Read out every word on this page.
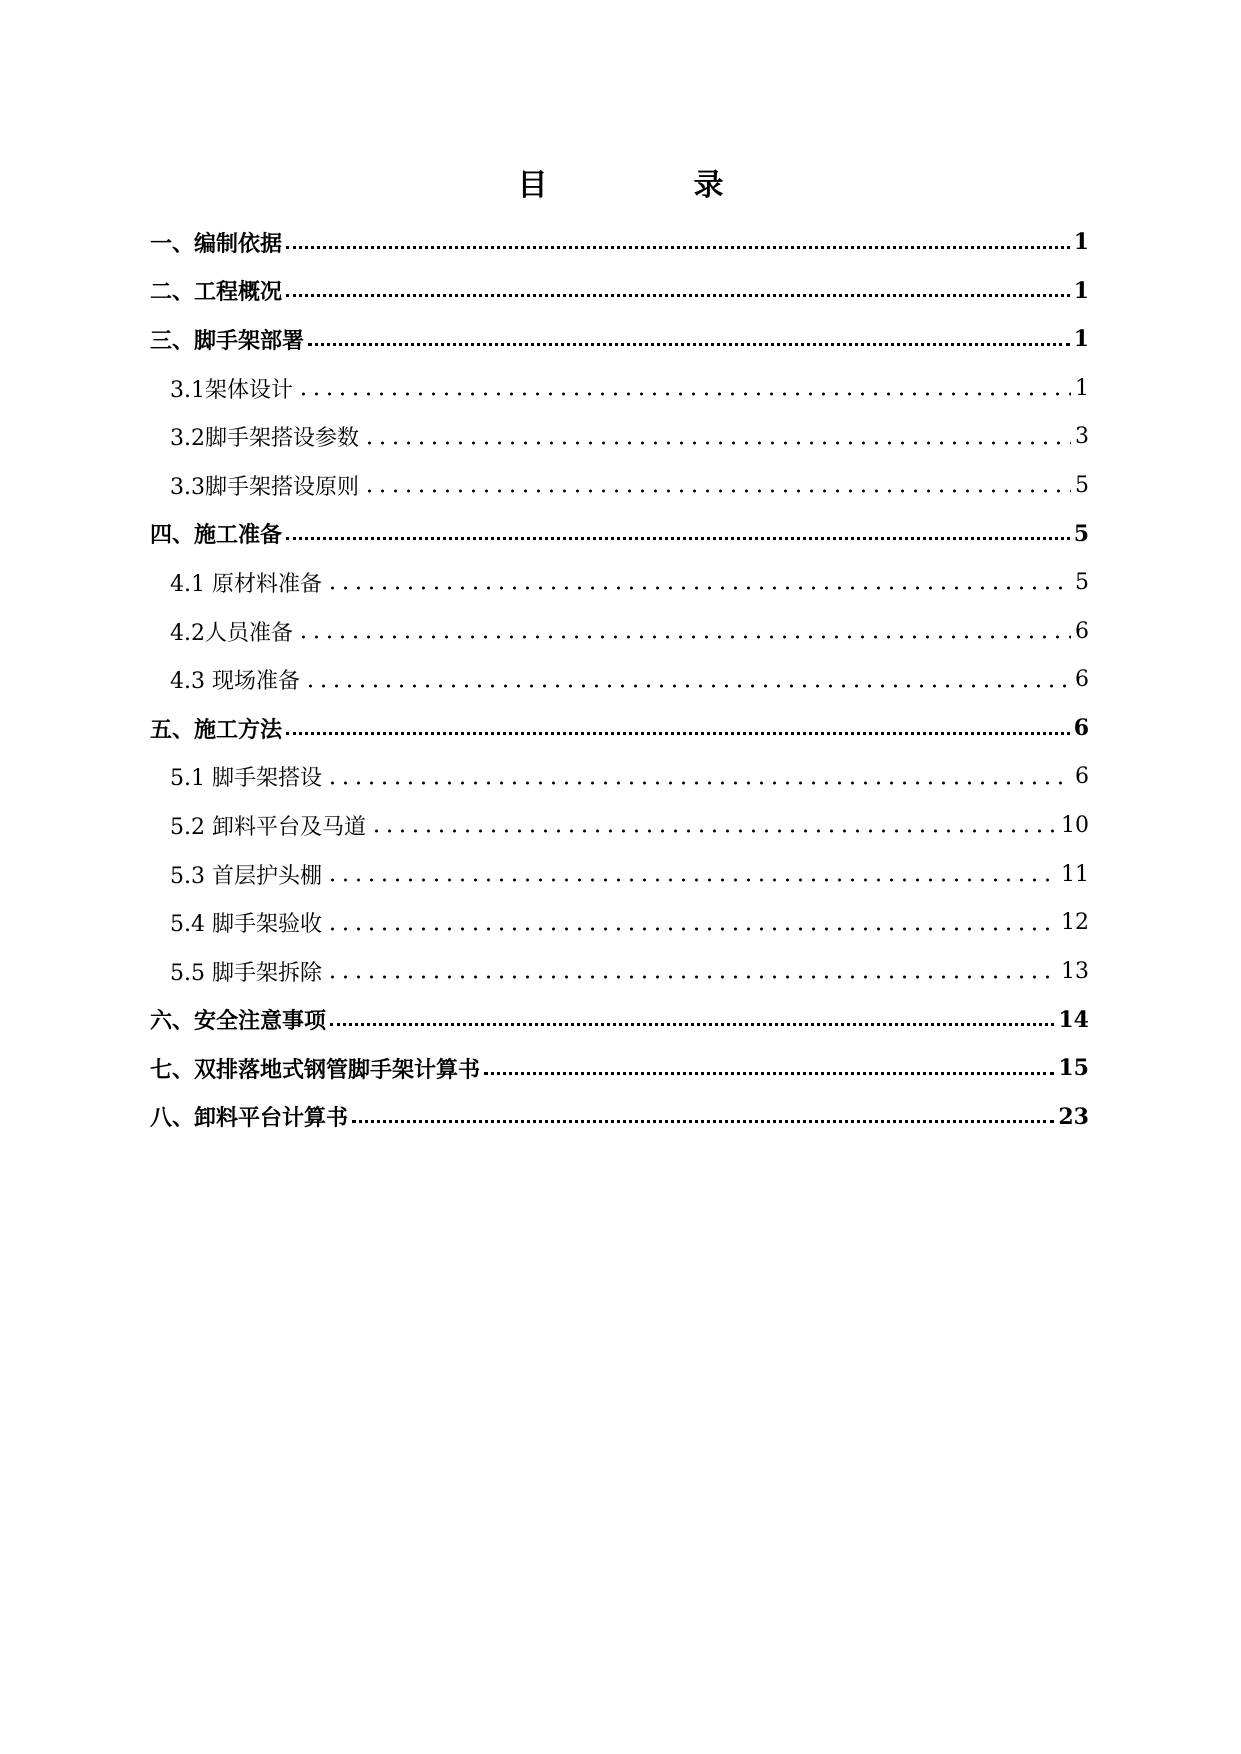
目　录
一、编制依据	1
二、工程概况	1
三、脚手架部署	1
3.1架体设计	1
3.2脚手架搭设参数	3
3.3脚手架搭设原则	5
四、施工准备	5
4.1 原材料准备	5
4.2人员准备	6
4.3 现场准备	6
五、施工方法	6
5.1 脚手架搭设	6
5.2 卸料平台及马道	10
5.3 首层护头棚	11
5.4 脚手架验收	12
5.5 脚手架拆除	13
六、安全注意事项	14
七、双排落地式钢管脚手架计算书	15
八、卸料平台计算书	23
